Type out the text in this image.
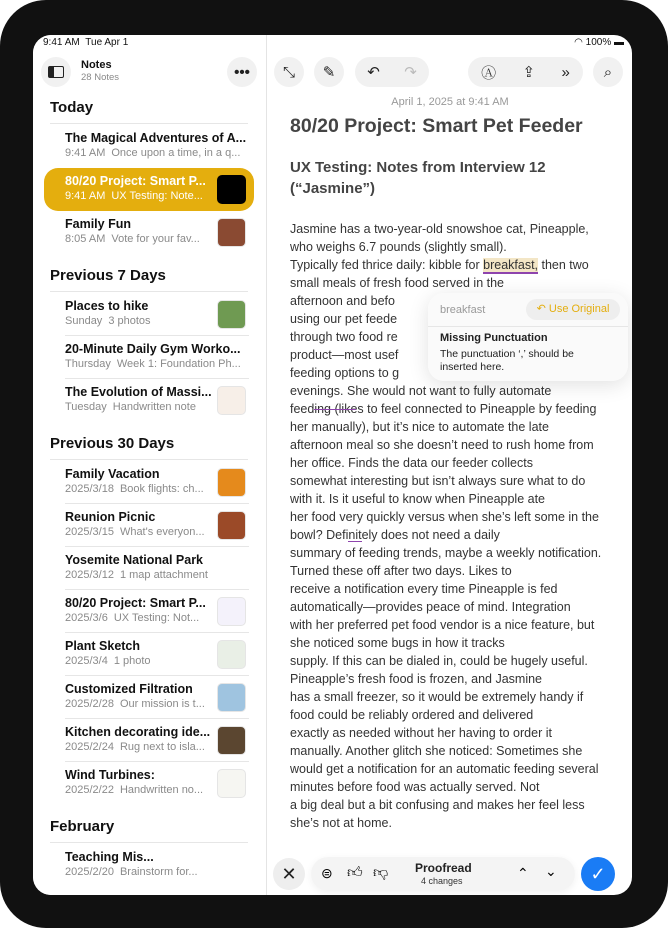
9:41 AM Tue Apr 1
Notes
28 Notes	•••
Today
The Magical Adventures of A...
9:41 AM Once upon a time, in a q...
80/20 Project: Smart P...
9:41 AM UX Testing: Note...
Family Fun
8:05 AM Vote for your fav...
Previous 7 Days
Places to hike
Sunday 3 photos
20-Minute Daily Gym Worko...
Thursday Week 1: Foundation Ph...
The Evolution of Massi...
Tuesday Handwritten note
Previous 30 Days
Family Vacation
2025/3/18 Book flights: ch...
Reunion Picnic
2025/3/15 What's everyon...
Yosemite National Park
2025/3/12 1 map attachment
80/20 Project: Smart P...
2025/3/6 UX Testing: Not...
Plant Sketch
2025/3/4 1 photo
Customized Filtration
2025/2/28 Our mission is t...
Kitchen decorating ide...
2025/2/24 Rug next to isla...
Wind Turbines:
2025/2/22 Handwritten no...
February
Teaching Mis...
2025/2/20 Brainstorm for...
◠ 100% ▬
⤡ ✎ ↶ ↷	Ⓐ ⇪ » ⌕
April 1, 2025 at 9:41 AM
80/20 Project: Smart Pet Feeder
UX Testing: Notes from Interview 12 (“Jasmine”)
Jasmine has a two-year-old snowshoe cat, Pineapple,
who weighs 6.7 pounds (slightly small).
Typically fed thrice daily: kibble for breakfast, then two
small meals of fresh food served in the
afternoon and befo
using our pet feede
through two food re
product—most usef
feeding options to g
evenings. She would not want to fully automate
feeding (likes to feel connected to Pineapple by feeding
her manually), but it’s nice to automate the late
afternoon meal so she doesn’t need to rush home from
her office. Finds the data our feeder collects
somewhat interesting but isn’t always sure what to do
with it. Is it useful to know when Pineapple ate
her food very quickly versus when she’s left some in the
bowl? Definitely does not need a daily
summary of feeding trends, maybe a weekly notification.
Turned these off after two days. Likes to
receive a notification every time Pineapple is fed
automatically—provides peace of mind. Integration
with her preferred pet food vendor is a nice feature, but
she noticed some bugs in how it tracks
supply. If this can be dialed in, could be hugely useful.
Pineapple’s fresh food is frozen, and Jasmine
has a small freezer, so it would be extremely handy if
food could be reliably ordered and delivered
exactly as needed without her having to order it
manually. Another glitch she noticed: Sometimes she
would get a notification for an automatic feeding several
minutes before food was actually served. Not
a big deal but a bit confusing and makes her feel less
she’s not at home.
breakfast	↶ Use Original
Missing Punctuation
The punctuation ‘,’ should be inserted here.
✕ ⊜ 👍︎ 👎︎ Proofread
4 changes	⌃ ⌄ ✓
